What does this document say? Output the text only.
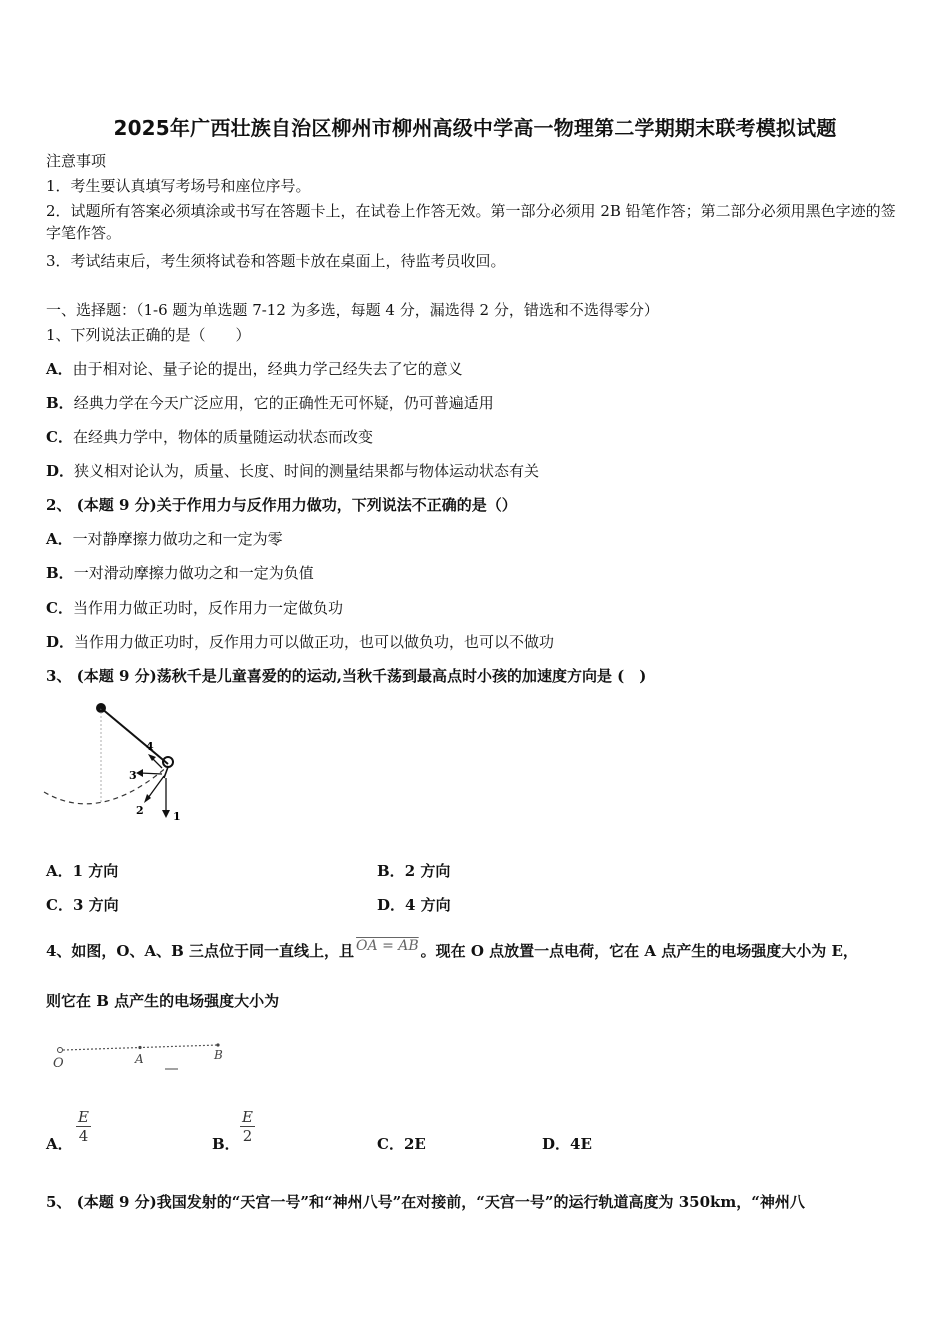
2025年广西壮族自治区柳州市柳州高级中学高一物理第二学期期末联考模拟试题
注意事项
1．考生要认真填写考场号和座位序号。
2．试题所有答案必须填涂或书写在答题卡上，在试卷上作答无效。第一部分必须用 2B 铅笔作答；第二部分必须用黑色字迹的签字笔作答。
3．考试结束后，考生须将试卷和答题卡放在桌面上，待监考员收回。
一、选择题：（1-6 题为单选题 7-12 为多选，每题 4 分，漏选得 2 分，错选和不选得零分）
1、下列说法正确的是（　　）
A．由于相对论、量子论的提出，经典力学己经失去了它的意义
B．经典力学在今天广泛应用，它的正确性无可怀疑，仍可普遍适用
C．在经典力学中，物体的质量随运动状态而改变
D．狭义相对论认为，质量、长度、时间的测量结果都与物体运动状态有关
2、 (本题 9 分)关于作用力与反作用力做功，下列说法不正确的是（）
A．一对静摩擦力做功之和一定为零
B．一对滑动摩擦力做功之和一定为负值
C．当作用力做正功时，反作用力一定做负功
D．当作用力做正功时，反作用力可以做正功，也可以做负功，也可以不做功
3、 (本题 9 分)荡秋千是儿童喜爱的的运动,当秋千荡到最高点时小孩的加速度方向是 (　)
4
3
2	1
A．1 方向	B．2 方向
C．3 方向	D．4 方向
4、如图，O、A、B 三点位于同一直线上，且 OA = AB 。现在 O 点放置一点电荷，它在 A 点产生的电场强度大小为 E，
则它在 B 点产生的电场强度大小为
O	A	B
A． $\frac{E}{4}$	B． $\frac{E}{2}$	C．2E	D．4E
5、 (本题 9 分)我国发射的“天宫一号”和“神州八号”在对接前，“天宫一号”的运行轨道高度为 350km，“神州八
